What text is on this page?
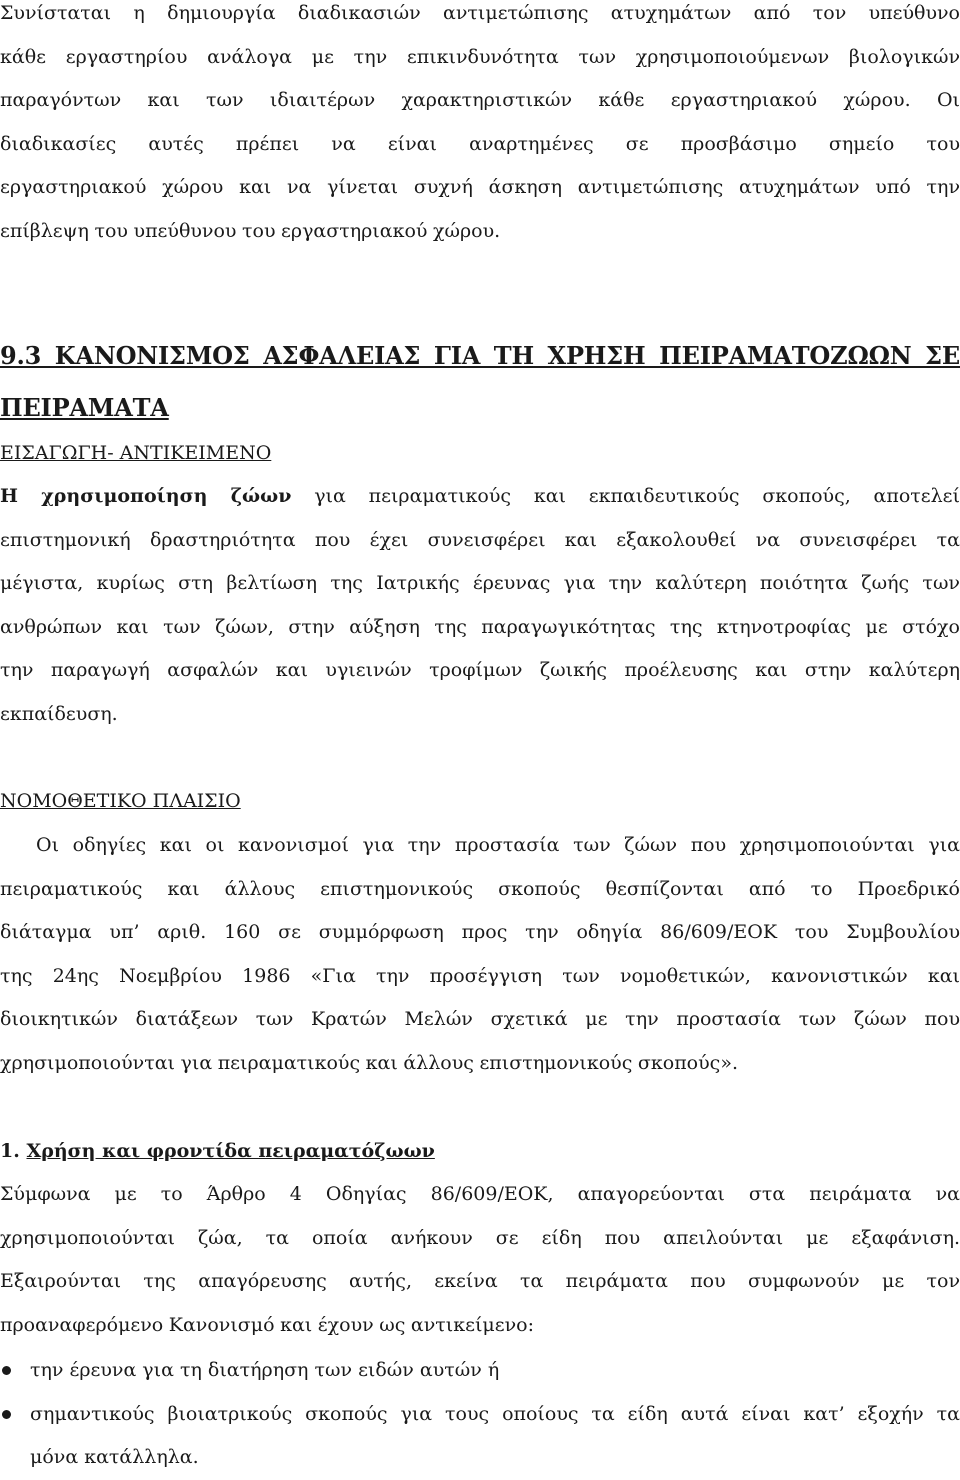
Συνίσταται η δημιουργία διαδικασιών αντιμετώπισης ατυχημάτων από τον υπεύθυνο
κάθε εργαστηρίου ανάλογα με την επικινδυνότητα των χρησιμοποιούμενων βιολογικών
παραγόντων και των ιδιαιτέρων χαρακτηριστικών κάθε εργαστηριακού χώρου. Οι
διαδικασίες αυτές πρέπει να είναι αναρτημένες σε προσβάσιμο σημείο του
εργαστηριακού χώρου και να γίνεται συχνή άσκηση αντιμετώπισης ατυχημάτων υπό την
επίβλεψη του υπεύθυνου του εργαστηριακού χώρου.
9.3 ΚΑΝΟΝΙΣΜΟΣ ΑΣΦΑΛΕΙΑΣ ΓΙΑ ΤΗ ΧΡΗΣΗ ΠΕΙΡΑΜΑΤΟΖΩΩΝ ΣΕ
ΠΕΙΡΑΜΑΤΑ
ΕΙΣΑΓΩΓΗ- ΑΝΤΙΚΕΙΜΕΝΟ
Η χρησιμοποίηση ζώων για πειραματικούς και εκπαιδευτικούς σκοπούς, αποτελεί
επιστημονική δραστηριότητα που έχει συνεισφέρει και εξακολουθεί να συνεισφέρει τα
μέγιστα, κυρίως στη βελτίωση της Ιατρικής έρευνας για την καλύτερη ποιότητα ζωής των
ανθρώπων και των ζώων, στην αύξηση της παραγωγικότητας της κτηνοτροφίας με στόχο
την παραγωγή ασφαλών και υγιεινών τροφίμων ζωικής προέλευσης και στην καλύτερη
εκπαίδευση.
ΝΟΜΟΘΕΤΙΚΟ ΠΛΑΙΣΙΟ
Οι οδηγίες και οι κανονισμοί για την προστασία των ζώων που χρησιμοποιούνται για
πειραματικούς και άλλους επιστημονικούς σκοπούς θεσπίζονται από το Προεδρικό
διάταγμα υπ’ αριθ. 160 σε συμμόρφωση προς την οδηγία 86/609/ΕΟΚ του Συμβουλίου
της 24ης Νοεμβρίου 1986 «Για την προσέγγιση των νομοθετικών, κανονιστικών και
διοικητικών διατάξεων των Κρατών Μελών σχετικά με την προστασία των ζώων που
χρησιμοποιούνται για πειραματικούς και άλλους επιστημονικούς σκοπούς».
1. Χρήση και φροντίδα πειραματόζωων
Σύμφωνα με το Άρθρο 4 Οδηγίας 86/609/ΕΟΚ, απαγορεύονται στα πειράματα να
χρησιμοποιούνται ζώα, τα οποία ανήκουν σε είδη που απειλούνται με εξαφάνιση.
Εξαιρούνται της απαγόρευσης αυτής, εκείνα τα πειράματα που συμφωνούν με τον
προαναφερόμενο Κανονισμό και έχουν ως αντικείμενο:
την έρευνα για τη διατήρηση των ειδών αυτών ή
σημαντικούς βιοιατρικούς σκοπούς για τους οποίους τα είδη αυτά είναι κατ’ εξοχήν τα
μόνα κατάλληλα.
